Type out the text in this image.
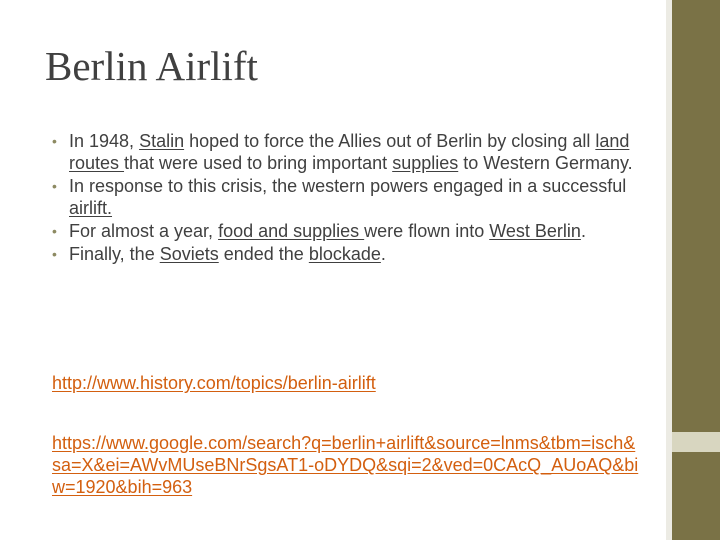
Berlin Airlift
• In 1948, Stalin hoped to force the Allies out of Berlin by closing all land routes that were used to bring important supplies to Western Germany.
• In response to this crisis, the western powers engaged in a successful airlift.
• For almost a year, food and supplies were flown into West Berlin.
• Finally, the Soviets ended the blockade.
http://www.history.com/topics/berlin-airlift
https://www.google.com/search?q=berlin+airlift&source=lnms&tbm=isch&sa=X&ei=AWvMUseBNrSgsAT1-oDYDQ&sqi=2&ved=0CAcQ_AUoAQ&biw=1920&bih=963
